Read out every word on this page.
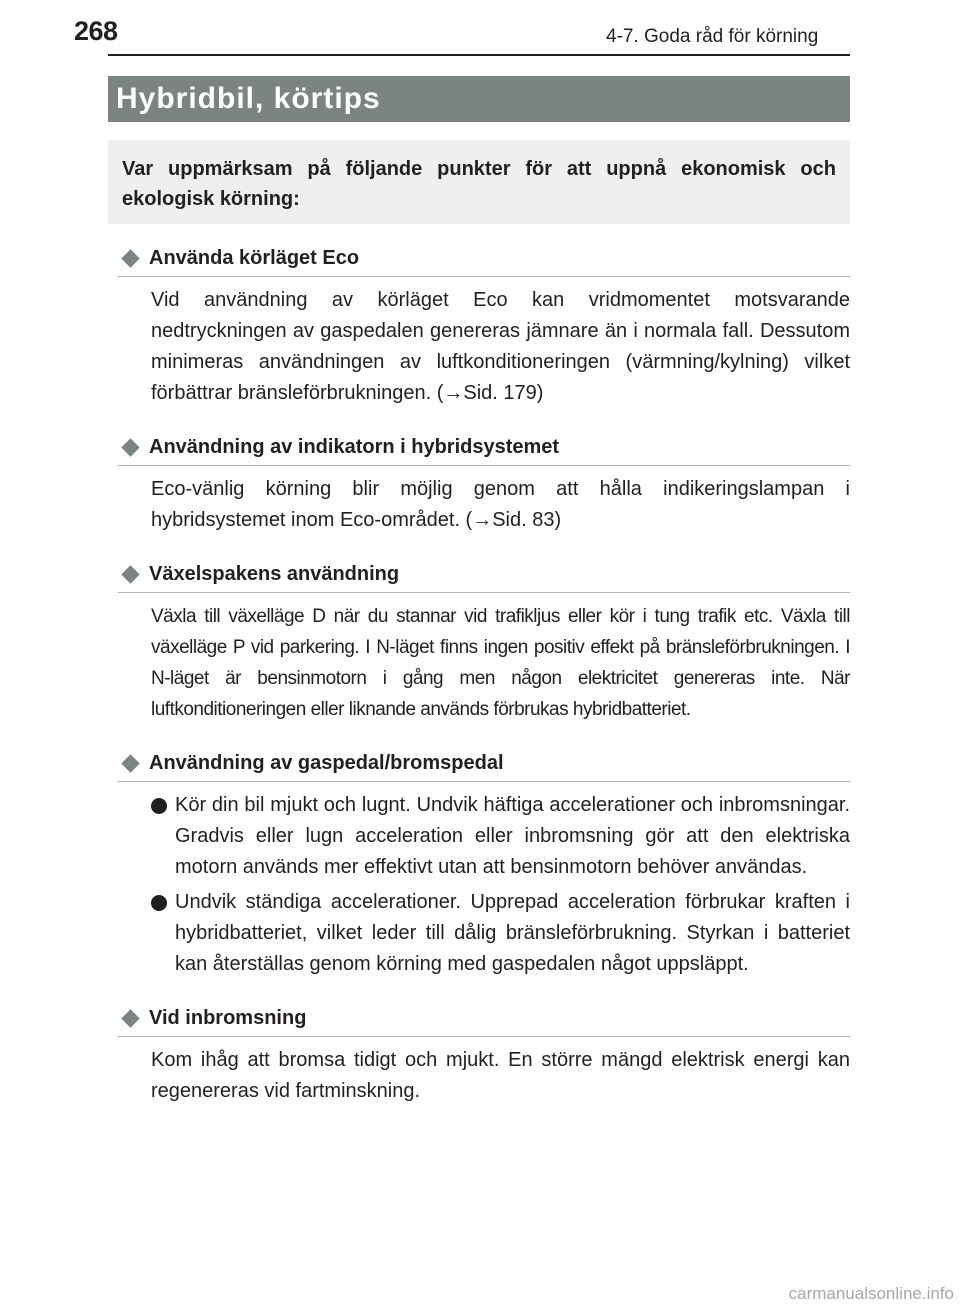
268	4-7. Goda råd för körning
Hybridbil, körtips
Var uppmärksam på följande punkter för att uppnå ekonomisk och ekologisk körning:
Använda körläget Eco

Vid användning av körläget Eco kan vridmomentet motsvarande nedtryckningen av gaspedalen genereras jämnare än i normala fall. Dessutom minimeras användningen av luftkonditioneringen (värmning/kylning) vilket förbättrar bränsleförbrukningen. (→Sid. 179)

Användning av indikatorn i hybridsystemet

Eco-vänlig körning blir möjlig genom att hålla indikeringslampan i hybridsystemet inom Eco-området. (→Sid. 83)

Växelspakens användning

Växla till växelläge D när du stannar vid trafikljus eller kör i tung trafik etc. Växla till växelläge P vid parkering. I N-läget finns ingen positiv effekt på bränsleförbrukningen. I N-läget är bensinmotorn i gång men någon elektricitet genereras inte. När luftkonditioneringen eller liknande används förbrukas hybridbatteriet.

Användning av gaspedal/bromspedal
Kör din bil mjukt och lugnt. Undvik häftiga accelerationer och inbromsningar. Gradvis eller lugn acceleration eller inbromsning gör att den elektriska motorn används mer effektivt utan att bensinmotorn behöver användas.
Undvik ständiga accelerationer. Upprepad acceleration förbrukar kraften i hybridbatteriet, vilket leder till dålig bränsleförbrukning. Styrkan i batteriet kan återställas genom körning med gaspedalen något uppsläppt.
Vid inbromsning

Kom ihåg att bromsa tidigt och mjukt. En större mängd elektrisk energi kan regenereras vid fartminskning.

carmanualsonline.info
